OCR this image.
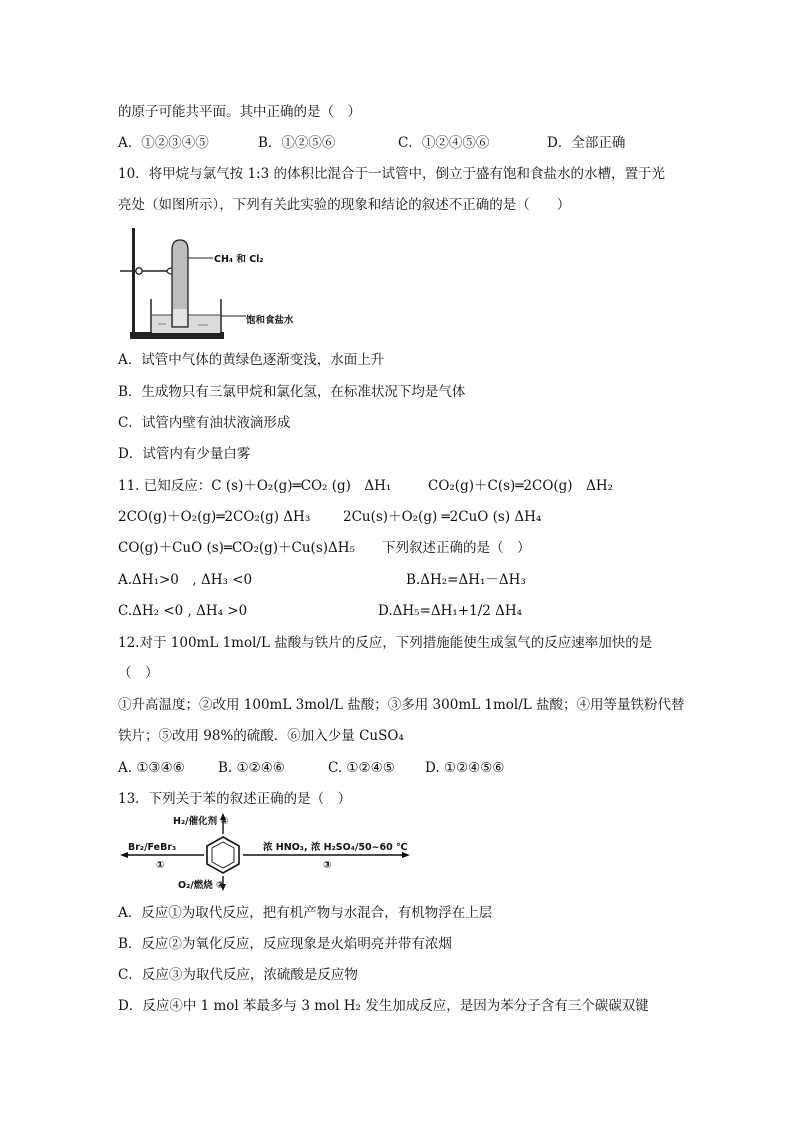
的原子可能共平面。其中正确的是（　）
A．①②③④⑤	B．①②⑤⑥	C．①②④⑤⑥	D．全部正确
10．将甲烷与氯气按 1:3 的体积比混合于一试管中，倒立于盛有饱和食盐水的水槽，置于光
亮处（如图所示），下列有关此实验的现象和结论的叙述不正确的是（　　）
CH₄ 和 Cl₂
饱和食盐水
A．试管中气体的黄绿色逐渐变浅，水面上升
B．生成物只有三氯甲烷和氯化氢，在标准状况下均是气体
C．试管内壁有油状液滴形成
D．试管内有少量白雾
11. 已知反应：C (s)＋O₂(g)═CO₂ (g)　ΔH₁	CO₂(g)＋C(s)═2CO(g)　ΔH₂
2CO(g)＋O₂(g)═2CO₂(g) ΔH₃ 2Cu(s)＋O₂(g) ═2CuO (s) ΔH₄
CO(g)＋CuO (s)═CO₂(g)＋Cu(s)ΔH₅　　下列叙述正确的是（　）
A.ΔH₁>0　, ΔH₃ <0	B.ΔH₂=ΔH₁－ΔH₃
C.ΔH₂ <0 , ΔH₄ >0	D.ΔH₅=ΔH₁+1/2 ΔH₄
12.对于 100mL 1mol/L 盐酸与铁片的反应，下列措施能使生成氢气的反应速率加快的是
（　）
①升高温度；②改用 100mL 3mol/L 盐酸；③多用 300mL 1mol/L 盐酸；④用等量铁粉代替
铁片；⑤改用 98%的硫酸．⑥加入少量 CuSO₄
A. ①③④⑥ B. ①②④⑥	C. ①②④⑤ D. ①②④⑤⑥
13．下列关于苯的叙述正确的是（　）
H₂/催化剂 ④
Br₂/FeBr₃
①
浓 HNO₃, 浓 H₂SO₄/50~60 ℃
③
O₂/燃烧 ②
A．反应①为取代反应，把有机产物与水混合，有机物浮在上层
B．反应②为氧化反应，反应现象是火焰明亮并带有浓烟
C．反应③为取代反应，浓硫酸是反应物
D．反应④中 1 mol 苯最多与 3 mol H₂ 发生加成反应，是因为苯分子含有三个碳碳双键
